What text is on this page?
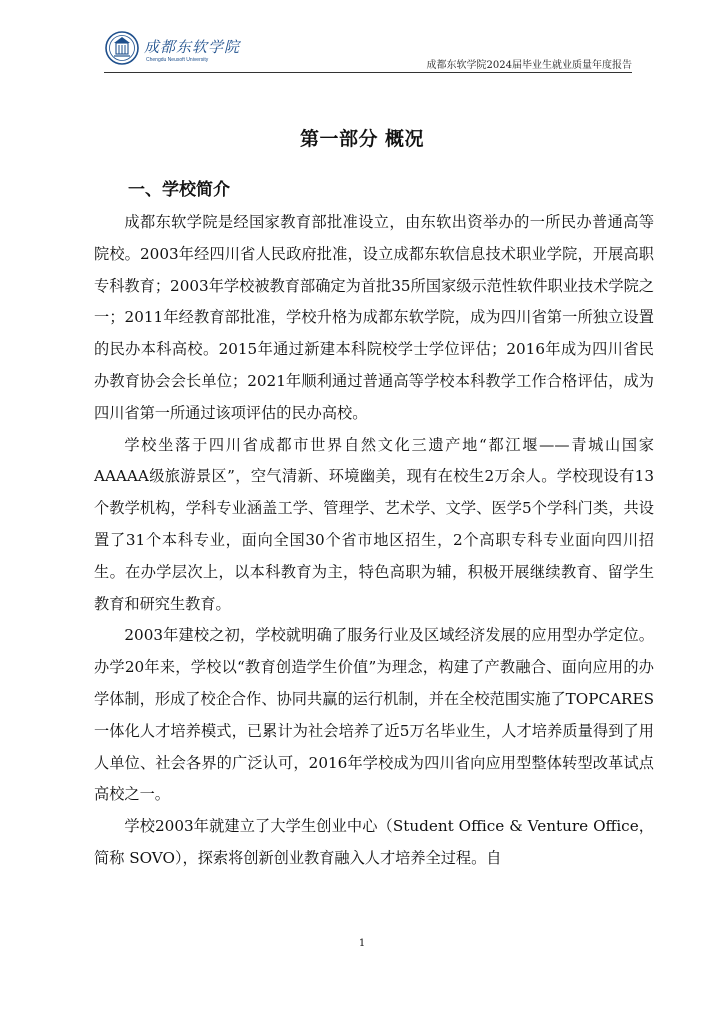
成都东软学院
Chengdu Neusoft University	成都东软学院2024届毕业生就业质量年度报告
第一部分 概况
一、学校简介

成都东软学院是经国家教育部批准设立，由东软出资举办的一所民办普通高等院校。2003年经四川省人民政府批准，设立成都东软信息技术职业学院，开展高职专科教育；2003年学校被教育部确定为首批35所国家级示范性软件职业技术学院之一；2011年经教育部批准，学校升格为成都东软学院，成为四川省第一所独立设置的民办本科高校。2015年通过新建本科院校学士学位评估；2016年成为四川省民办教育协会会长单位；2021年顺利通过普通高等学校本科教学工作合格评估，成为四川省第一所通过该项评估的民办高校。

学校坐落于四川省成都市世界自然文化三遗产地“都江堰——青城山国家AAAAA级旅游景区”，空气清新、环境幽美，现有在校生2万余人。学校现设有13个教学机构，学科专业涵盖工学、管理学、艺术学、文学、医学5个学科门类，共设置了31个本科专业，面向全国30个省市地区招生，2个高职专科专业面向四川招生。在办学层次上，以本科教育为主，特色高职为辅，积极开展继续教育、留学生教育和研究生教育。

2003年建校之初，学校就明确了服务行业及区域经济发展的应用型办学定位。办学20年来，学校以“教育创造学生价值”为理念，构建了产教融合、面向应用的办学体制，形成了校企合作、协同共赢的运行机制，并在全校范围实施了TOPCARES一体化人才培养模式，已累计为社会培养了近5万名毕业生，人才培养质量得到了用人单位、社会各界的广泛认可，2016年学校成为四川省向应用型整体转型改革试点高校之一。

学校2003年就建立了大学生创业中心（Student Office & Venture Office，简称 SOVO），探索将创新创业教育融入人才培养全过程。自

1
